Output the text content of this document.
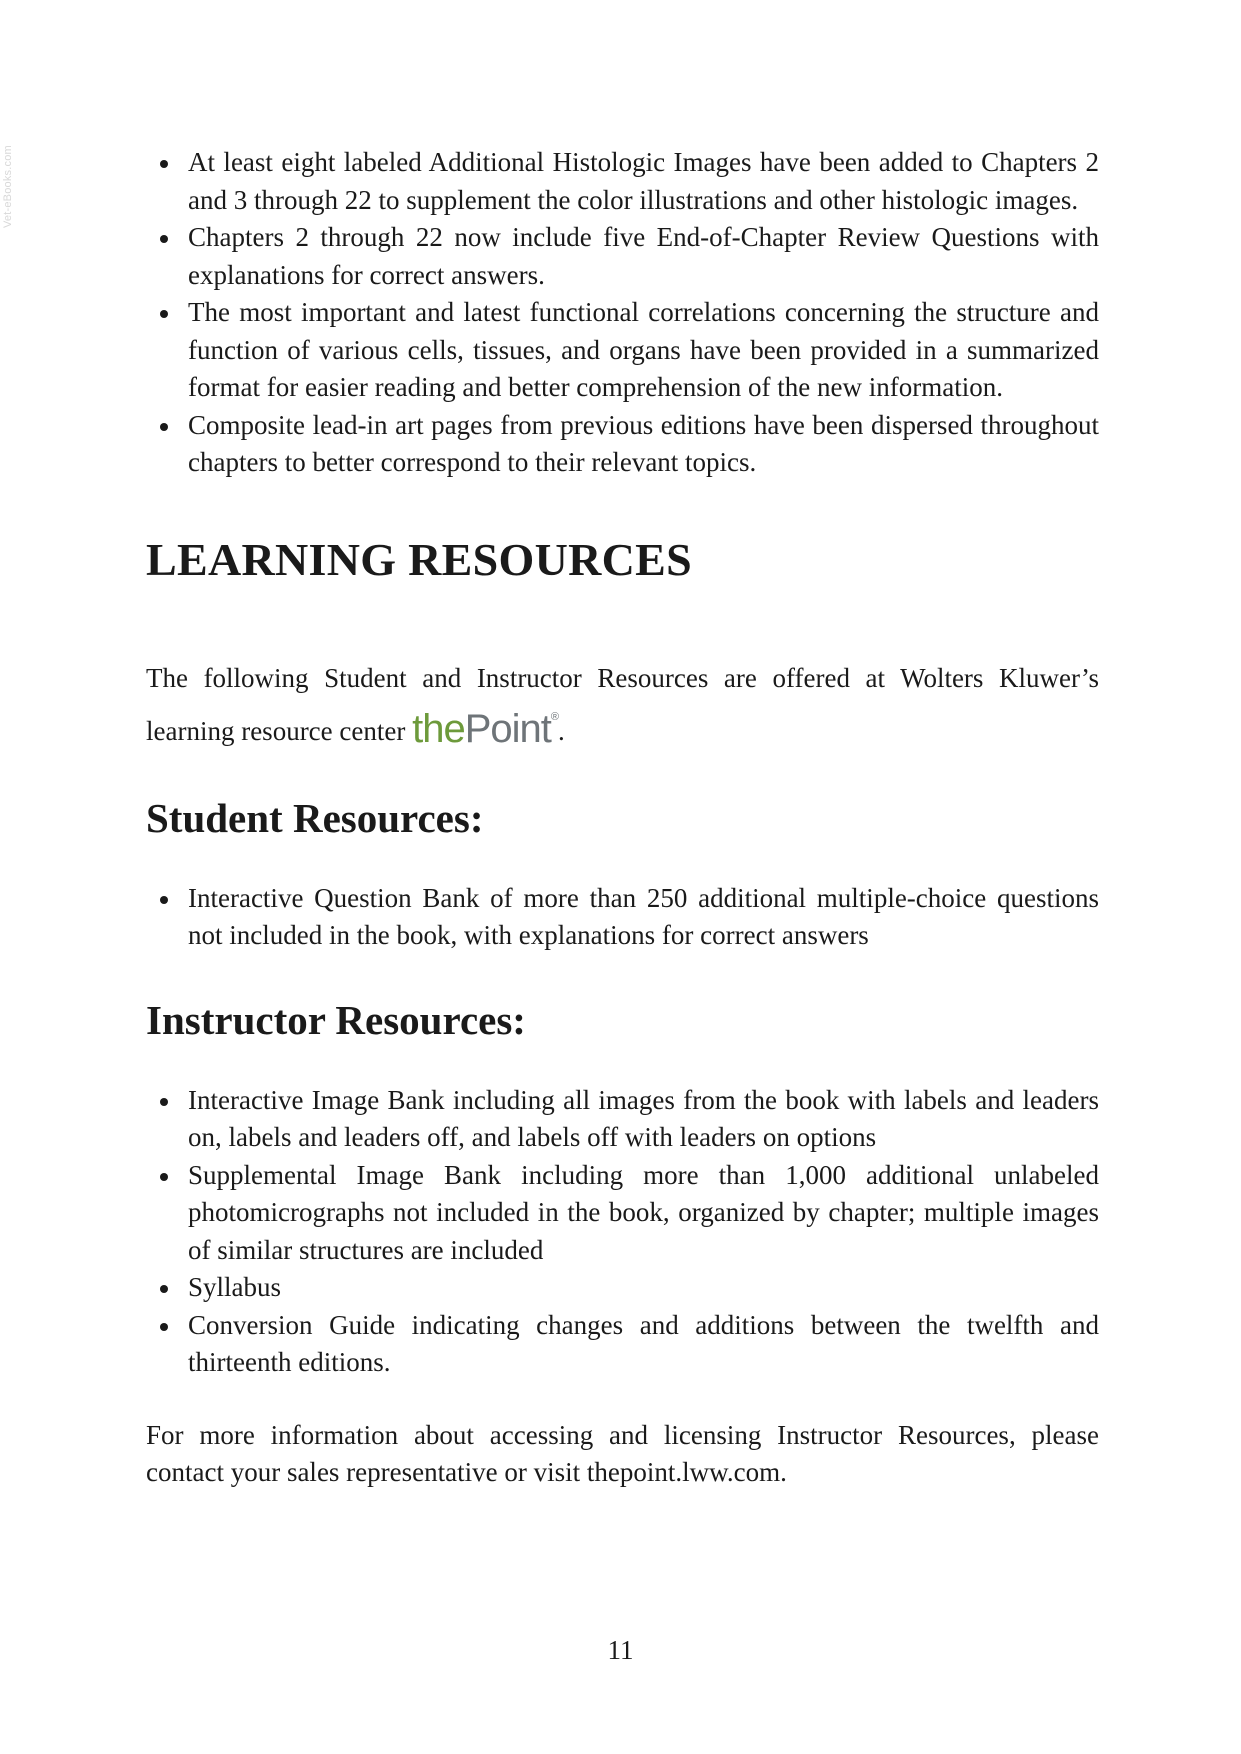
Vet-eBooks.com	At least eight labeled Additional Histologic Images have been added to Chapters 2 and 3 through 22 to supplement the color illustrations and other histologic images.
Chapters 2 through 22 now include five End-of-Chapter Review Questions with explanations for correct answers.
The most important and latest functional correlations concerning the structure and function of various cells, tissues, and organs have been provided in a summarized format for easier reading and better comprehension of the new information.
Composite lead-in art pages from previous editions have been dispersed throughout chapters to better correspond to their relevant topics.
LEARNING RESOURCES

The following Student and Instructor Resources are offered at Wolters Kluwer’s learning resource center thePoint®.

Student Resources:
Interactive Question Bank of more than 250 additional multiple-choice questions not included in the book, with explanations for correct answers
Instructor Resources:
Interactive Image Bank including all images from the book with labels and leaders on, labels and leaders off, and labels off with leaders on options
Supplemental Image Bank including more than 1,000 additional unlabeled photomicrographs not included in the book, organized by chapter; multiple images of similar structures are included
Syllabus
Conversion Guide indicating changes and additions between the twelfth and thirteenth editions.

For more information about accessing and licensing Instructor Resources, please contact your sales representative or visit thepoint.lww.com.

11
